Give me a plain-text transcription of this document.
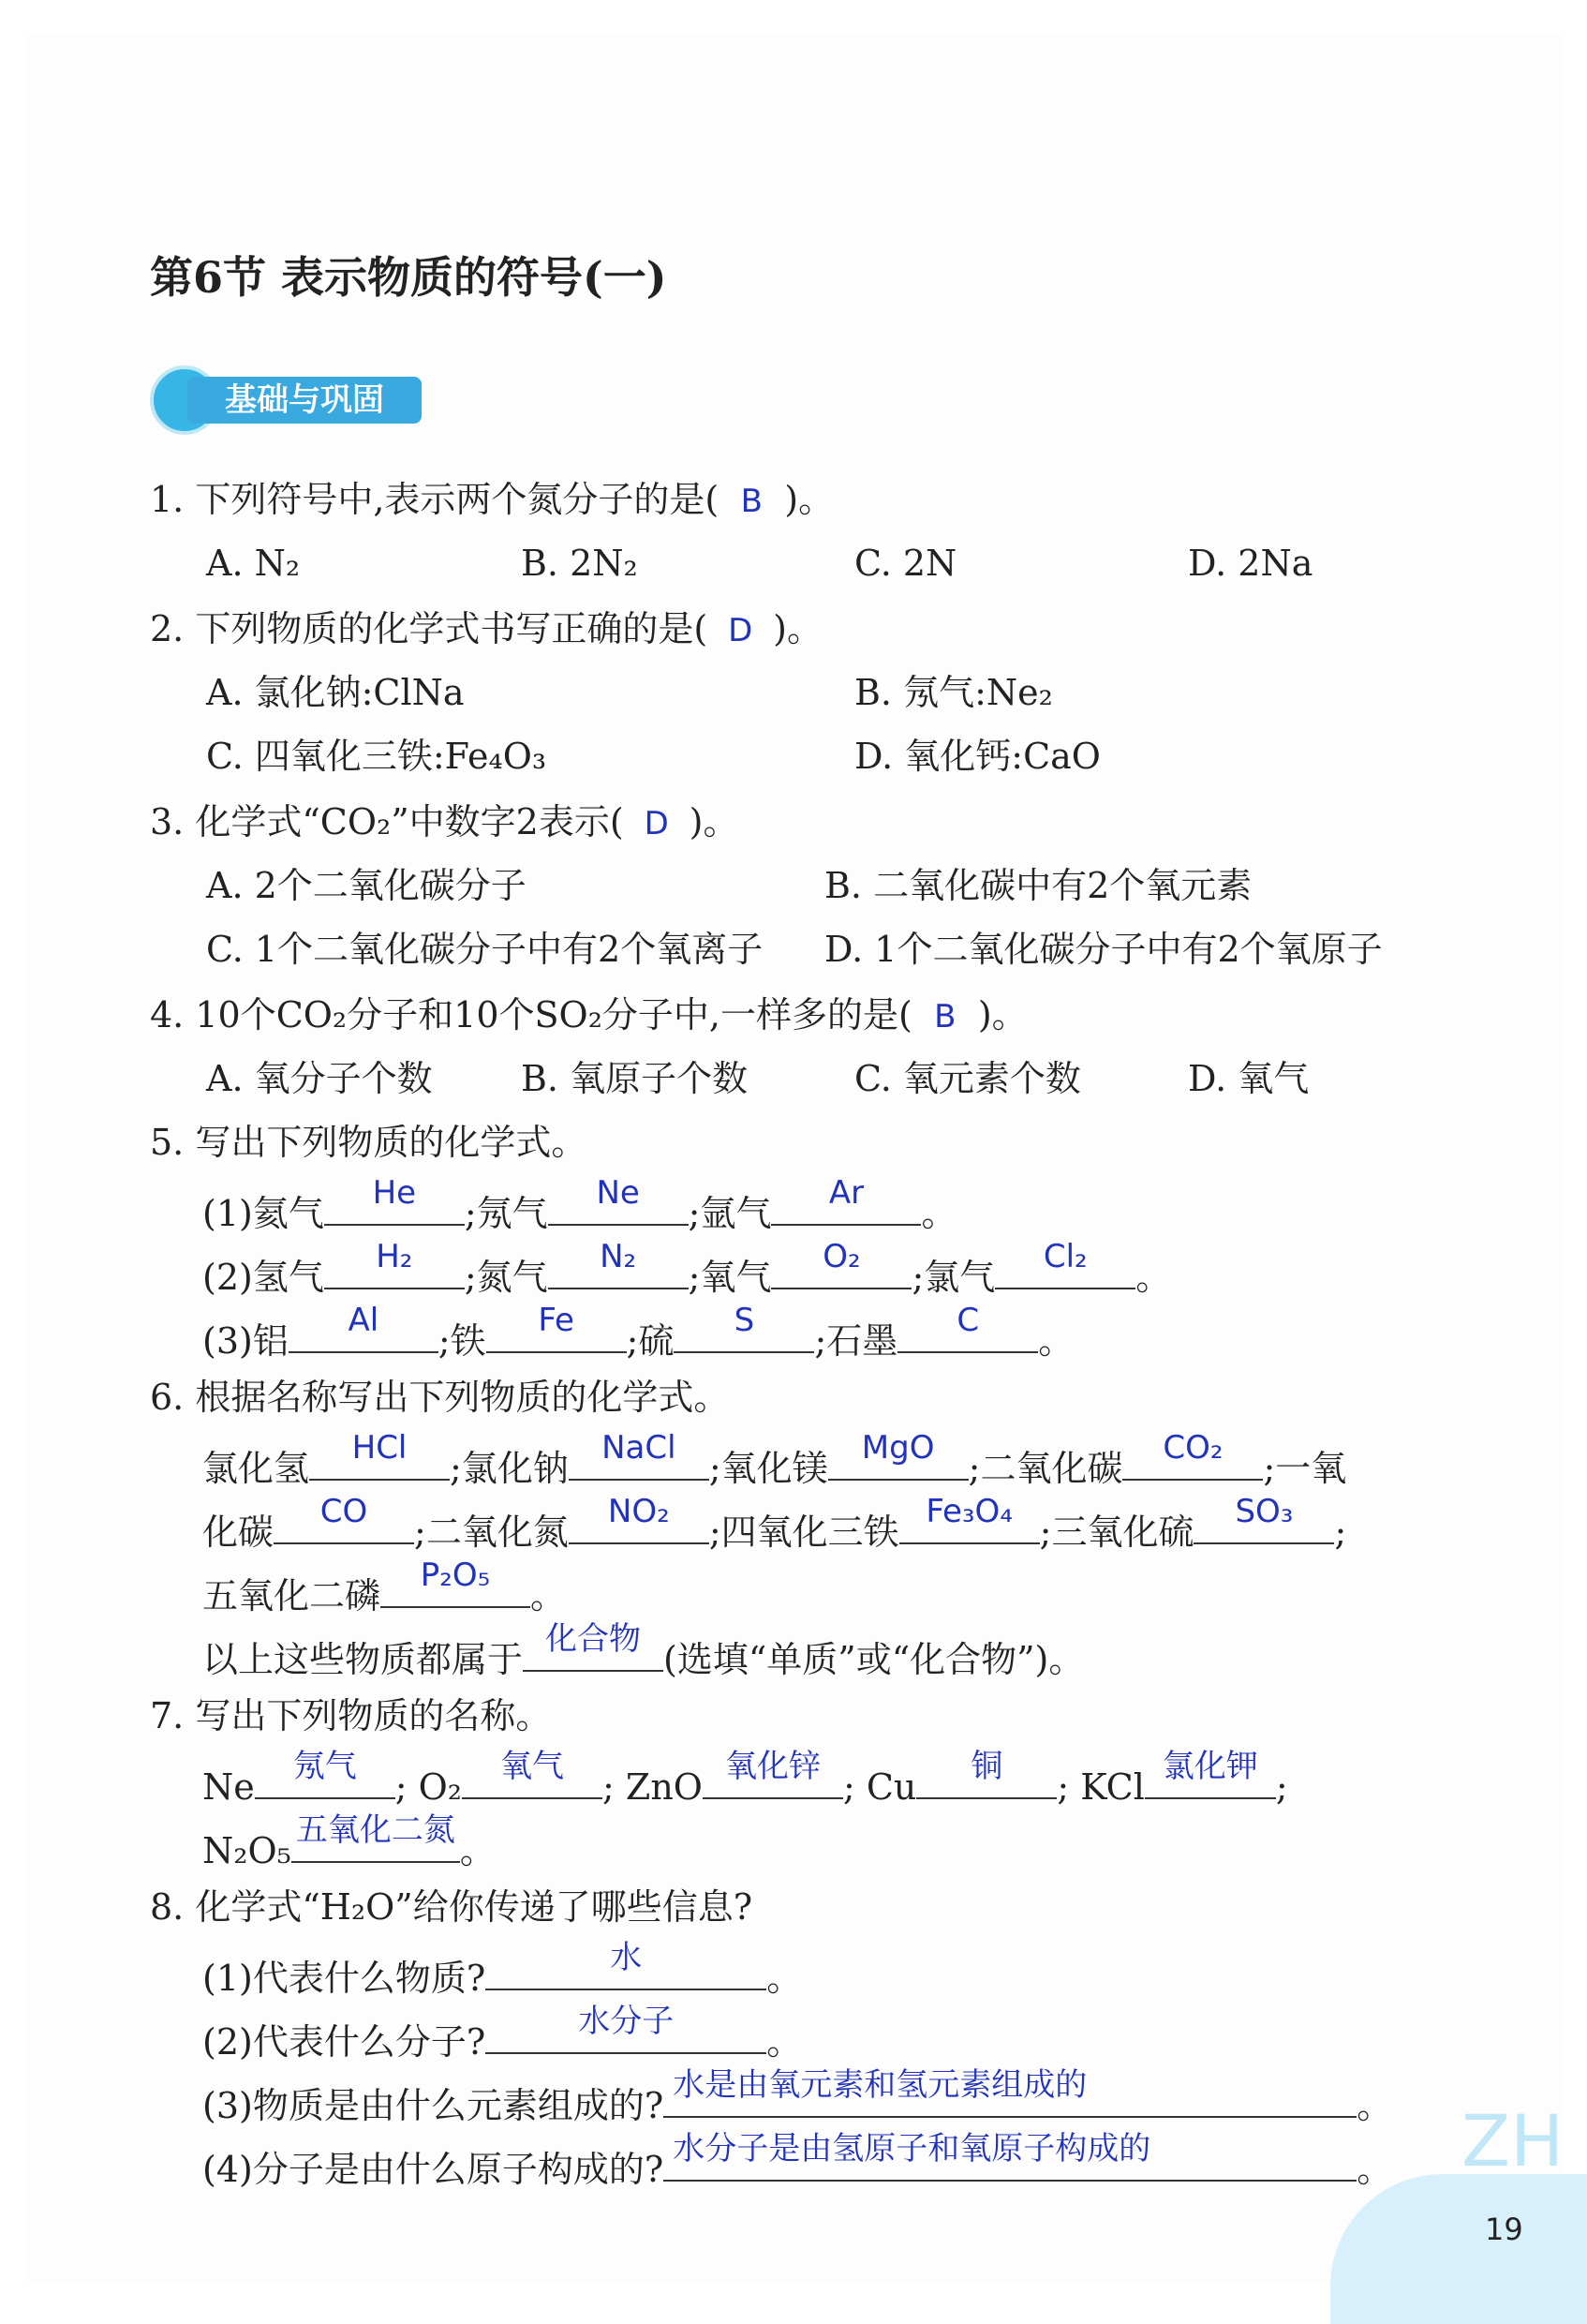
ZH
第6节 表示物质的符号(一)
基础与巩固
1. 下列符号中,表示两个氮分子的是( B )。
A. N₂	B. 2N₂	C. 2N	D. 2Na
2. 下列物质的化学式书写正确的是( D )。
A. 氯化钠:ClNa	B. 氖气:Ne₂
C. 四氧化三铁:Fe₄O₃	D. 氧化钙:CaO
3. 化学式“CO₂”中数字2表示( D )。
A. 2个二氧化碳分子	B. 二氧化碳中有2个氧元素
C. 1个二氧化碳分子中有2个氧离子 D. 1个二氧化碳分子中有2个氧原子
4. 10个CO₂分子和10个SO₂分子中,一样多的是( B )。
A. 氧分子个数 B. 氧原子个数	C. 氧元素个数	D. 氧气
5. 写出下列物质的化学式。
(1)氦气	He	;氖气	Ne	;氩气	Ar	。
(2)氢气	H₂	;氮气	N₂	;氧气	O₂	;氯气	Cl₂	。
(3)铝	Al	;铁	Fe	;硫	S	;石墨	C	。
6. 根据名称写出下列物质的化学式。
氯化氢	HCl	;氯化钠	NaCl ;氧化镁	MgO ;二氧化碳	CO₂	;一氧
化碳	CO	;二氧化氮	NO₂	;四氧化三铁 Fe₃O₄ ;三氧化硫	SO₃	;
五氧化二磷	P₂O₅	。
以上这些物质都属于 化合物 (选填“单质”或“化合物”)。
7. 写出下列物质的名称。
Ne	氖气	; O₂	氧气	; ZnO 氧化锌 ; Cu	铜	; KCl 氯化钾 ;
N₂O₅ 五氧化二氮 。
8. 化学式“H₂O”给你传递了哪些信息?
(1)代表什么物质?	水	。
(2)代表什么分子?	水分子	。
(3)物质是由什么元素组成的? 水是由氧元素和氢元素组成的	。
(4)分子是由什么原子构成的? 水分子是由氢原子和氧原子构成的	。
19
